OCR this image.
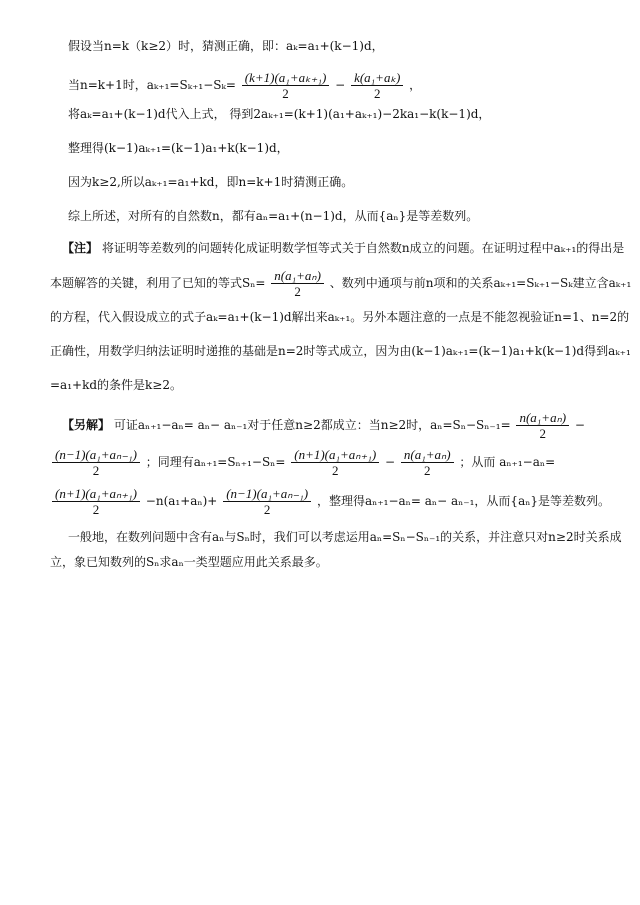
假设当n=k（k≥2）时，猜测正确，即：aₖ=a₁+(k−1)d，
当n=k+1时，$a_{k+1}=S_{k+1}-S_k= \frac{\text{(k+1)(a₁+aₖ₊₁)}}{2} - \frac{\text{k(a₁+aₖ)}}{2}$ ，
将aₖ=a₁+(k−1)d代入上式， 得到2aₖ₊₁=(k+1)(a₁+aₖ₊₁)−2ka₁−k(k−1)d，
整理得(k−1)aₖ₊₁=(k−1)a₁+k(k−1)d，
因为k≥2,所以aₖ₊₁=a₁+kd，即n=k+1时猜测正确。
综上所述，对所有的自然数n，都有aₙ=a₁+(n−1)d，从而{aₙ}是等差数列。
【注】 将证明等差数列的问题转化成证明数学恒等式关于自然数n成立的问题。在证明过程中aₖ₊₁的得出是
本题解答的关键，利用了已知的等式$S_n= \frac{\text{n(a₁+aₙ)}}{2}$ 、数列中通项与前n项和的关系aₖ₊₁=Sₖ₊₁−Sₖ建立含aₖ₊₁
的方程，代入假设成立的式子aₖ=a₁+(k−1)d解出来aₖ₊₁。另外本题注意的一点是不能忽视验证n=1、n=2的
正确性，用数学归纳法证明时递推的基础是n=2时等式成立，因为由(k−1)aₖ₊₁=(k−1)a₁+k(k−1)d得到aₖ₊₁
=a₁+kd的条件是k≥2。
【另解】 可证aₙ₊₁−aₙ= aₙ− aₙ₋₁对于任意n≥2都成立：当n≥2时，$a_n=S_n-S_{n-1}= \frac{\text{n(a₁+aₙ)}}{2}$ −
$\frac{\text{(n−1)(a₁+aₙ₋₁)}}{2}$ ；同理有$a_{n+1}=S_{n+1}-S_n= \frac{\text{(n+1)(a₁+aₙ₊₁)}}{2} - \frac{\text{n(a₁+aₙ)}}{2}$ ；从而 aₙ₊₁−aₙ=
$\frac{\text{(n+1)(a₁+aₙ₊₁)}}{2} -n(a_1+a_n)+ \frac{\text{(n−1)(a₁+aₙ₋₁)}}{2}$ ，整理得aₙ₊₁−aₙ= aₙ− aₙ₋₁，从而{aₙ}是等差数列。
一般地，在数列问题中含有aₙ与Sₙ时，我们可以考虑运用aₙ=Sₙ−Sₙ₋₁的关系，并注意只对n≥2时关系成
立，象已知数列的Sₙ求aₙ一类型题应用此关系最多。
